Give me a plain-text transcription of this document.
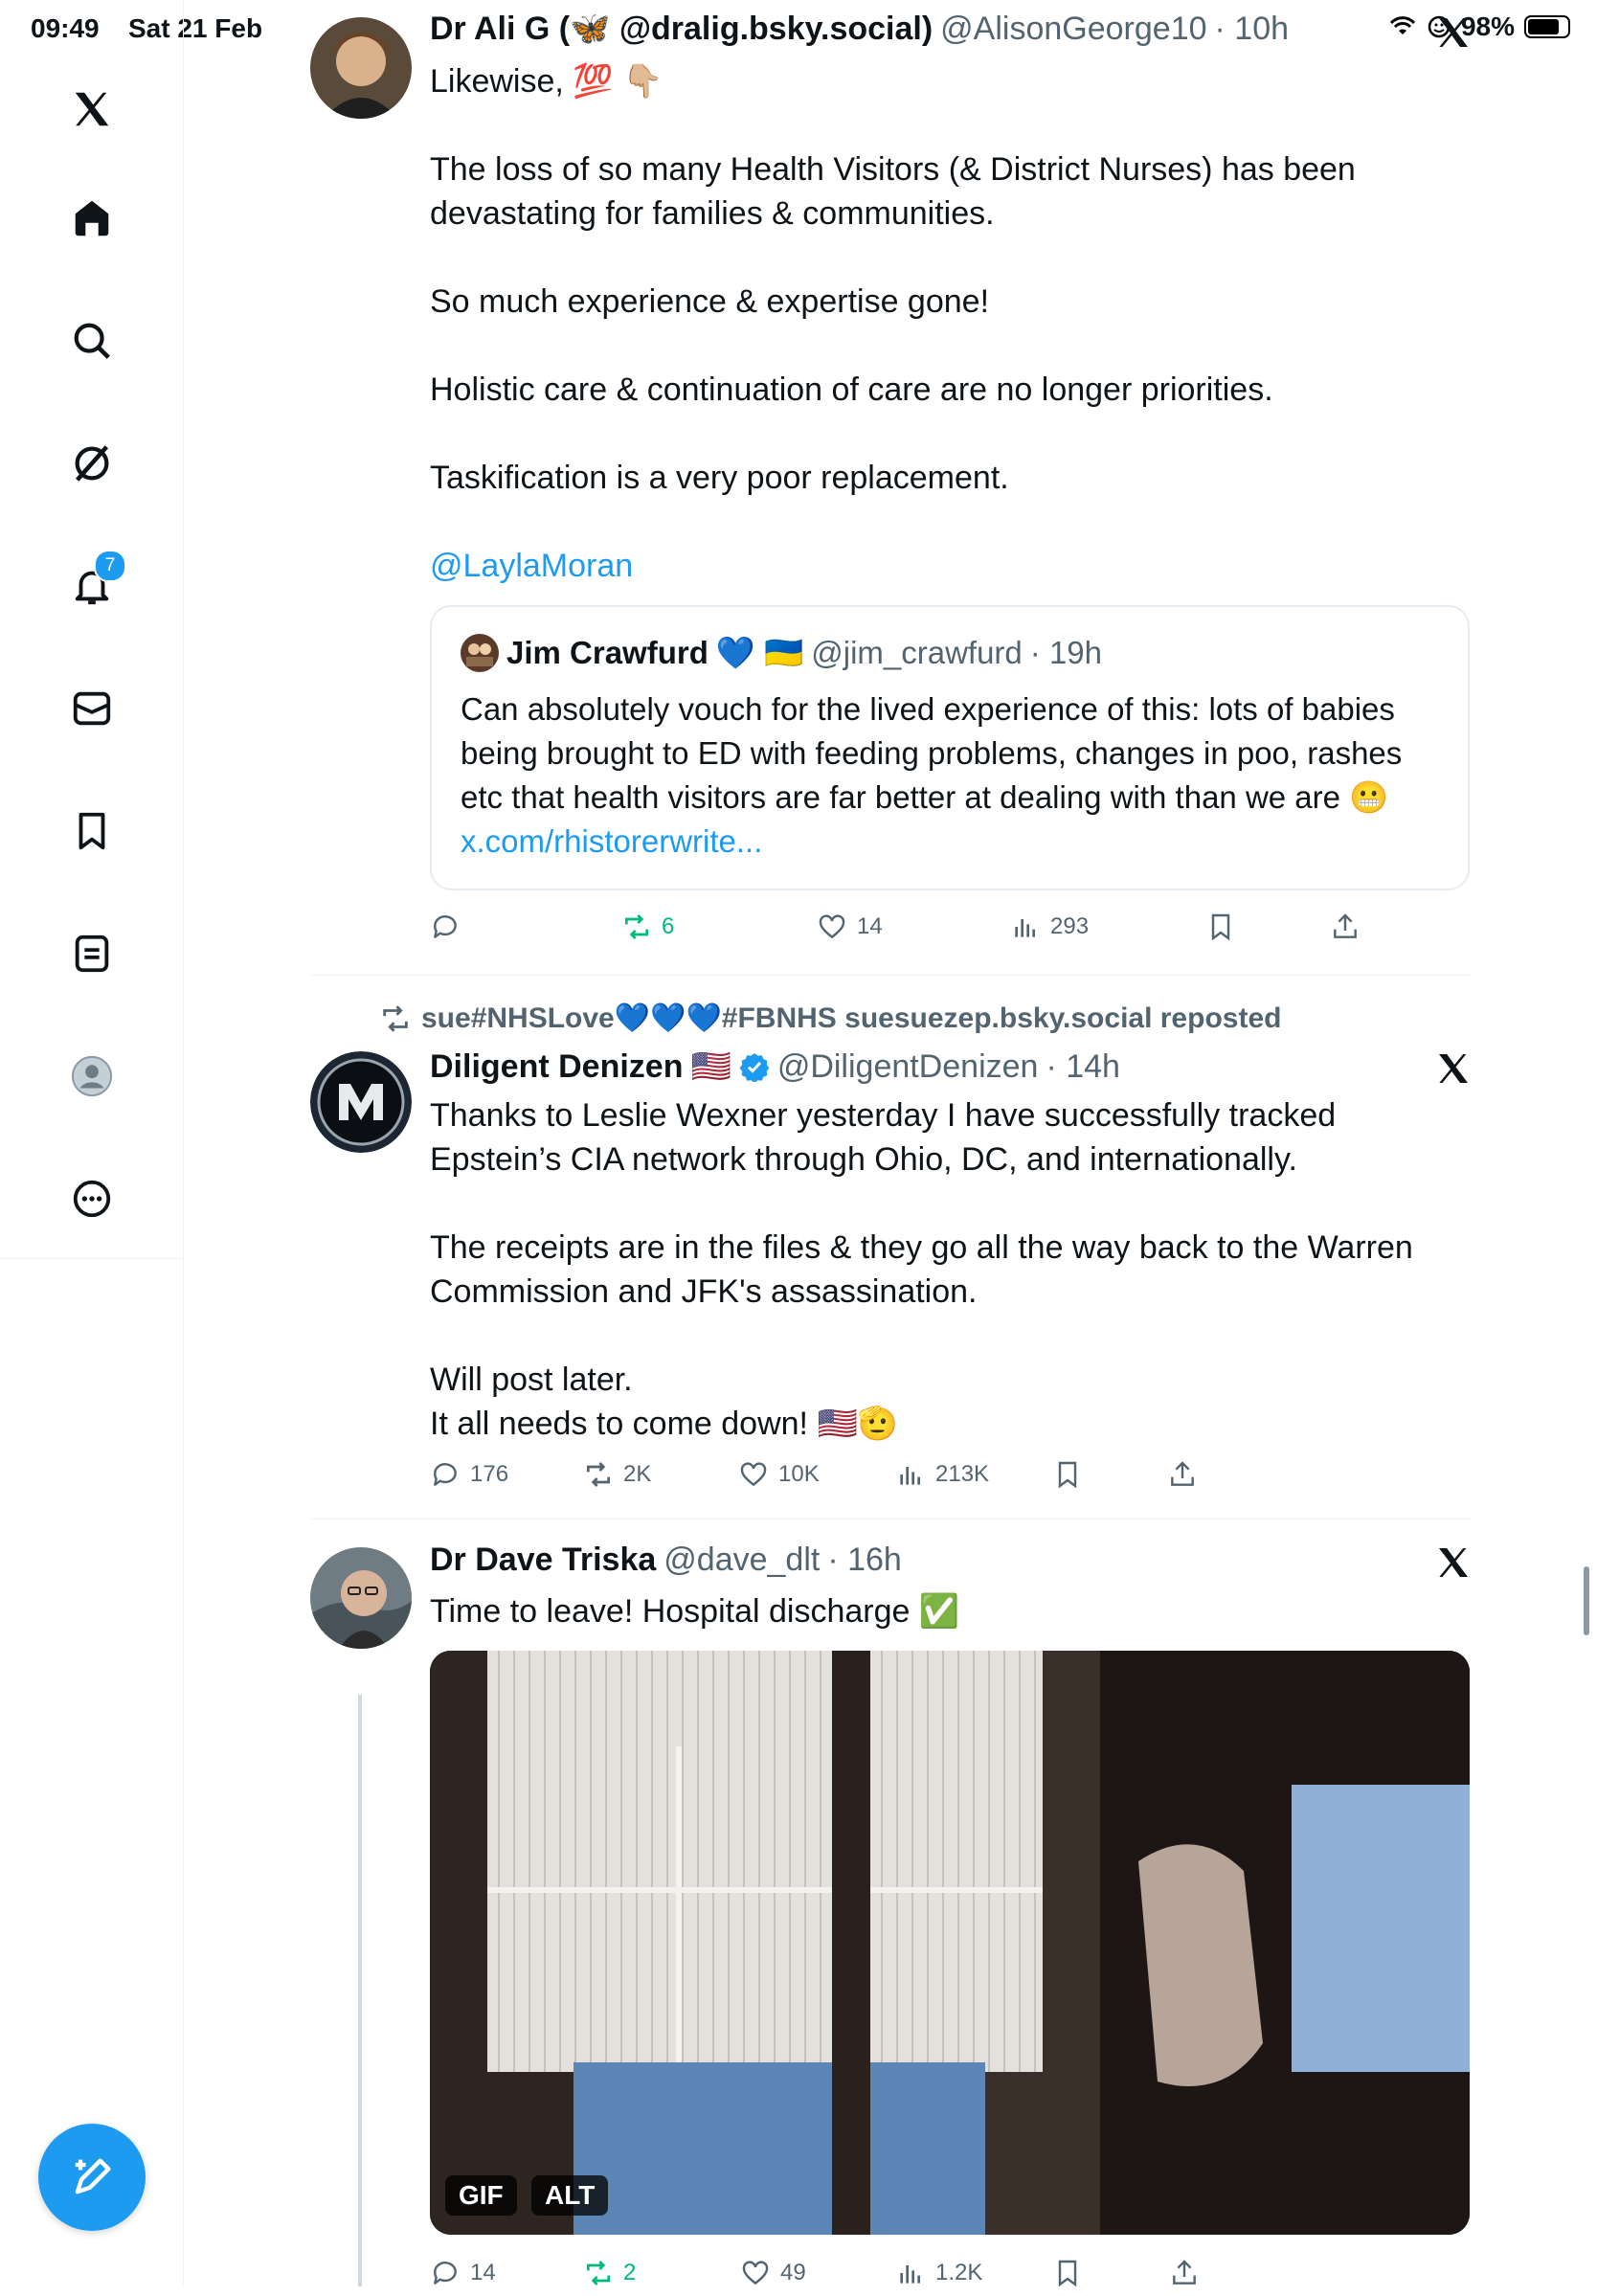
09:49 Sat 21 Feb	98%
7
Dr Ali G (🦋 @dralig.bsky.social) @AlisonGeorge10 · 10h
Likewise, 💯 👇🏼

The loss of so many Health Visitors (& District Nurses) has been devastating for families & communities.

So much experience & expertise gone!

Holistic care & continuation of care are no longer priorities.

Taskification is a very poor replacement.

@LaylaMoran
Jim Crawfurd 💙 🇺🇦 @jim_crawfurd · 19h
Can absolutely vouch for the lived experience of this: lots of babies being brought to ED with feeding problems, changes in poo, rashes etc that health visitors are far better at dealing with than we are 😬
x.com/rhistorerwrite...
6	14	293
sue#NHSLove💙💙💙#FBNHS suesuezep.bsky.social reposted
Diligent Denizen 🇺🇸 @DiligentDenizen · 14h
Thanks to Leslie Wexner yesterday I have successfully tracked Epstein’s CIA network through Ohio, DC, and internationally.

The receipts are in the files & they go all the way back to the Warren Commission and JFK's assassination.

Will post later.
It all needs to come down! 🇺🇸🫡
176	2K	10K	213K
Dr Dave Triska @dave_dlt · 16h
Time to leave! Hospital discharge ✅
GIF	ALT
14	2	49	1.2K
